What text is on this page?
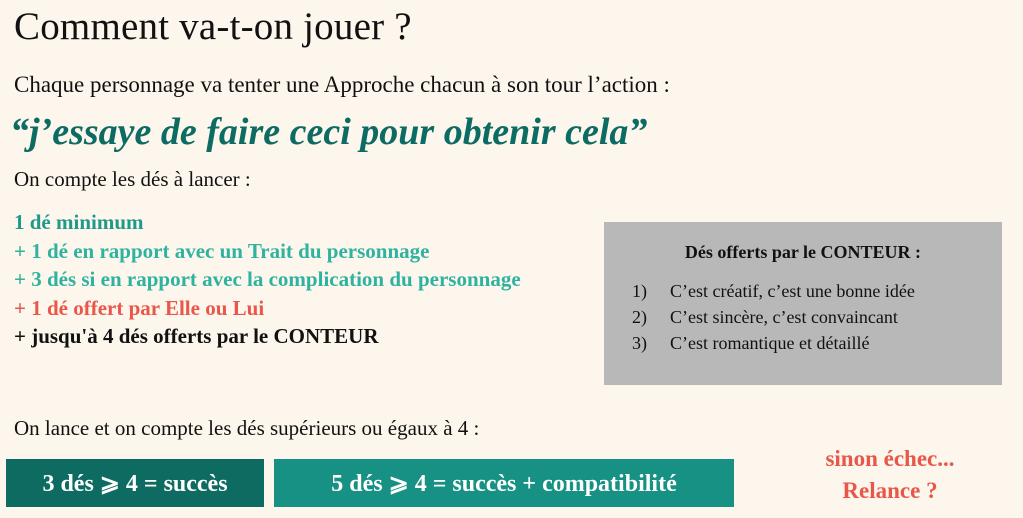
Comment va-t-on jouer ?
Chaque personnage va tenter une Approche chacun à son tour l’action :
“j’essaye de faire ceci pour obtenir cela”
On compte les dés à lancer :
1 dé minimum
+ 1 dé en rapport avec un Trait du personnage
+ 3 dés si en rapport avec la complication du personnage
+ 1 dé offert par Elle ou Lui
+ jusqu'à 4 dés offerts par le CONTEUR
Dés offerts par le CONTEUR :
1)	C’est créatif, c’est une bonne idée
2)	C’est sincère, c’est convaincant
3)	C’est romantique et détaillé
On lance et on compte les dés supérieurs ou égaux à 4 :
3 dés ⩾ 4 = succès	5 dés ⩾ 4 = succès + compatibilité
sinon échec...
Relance ?
